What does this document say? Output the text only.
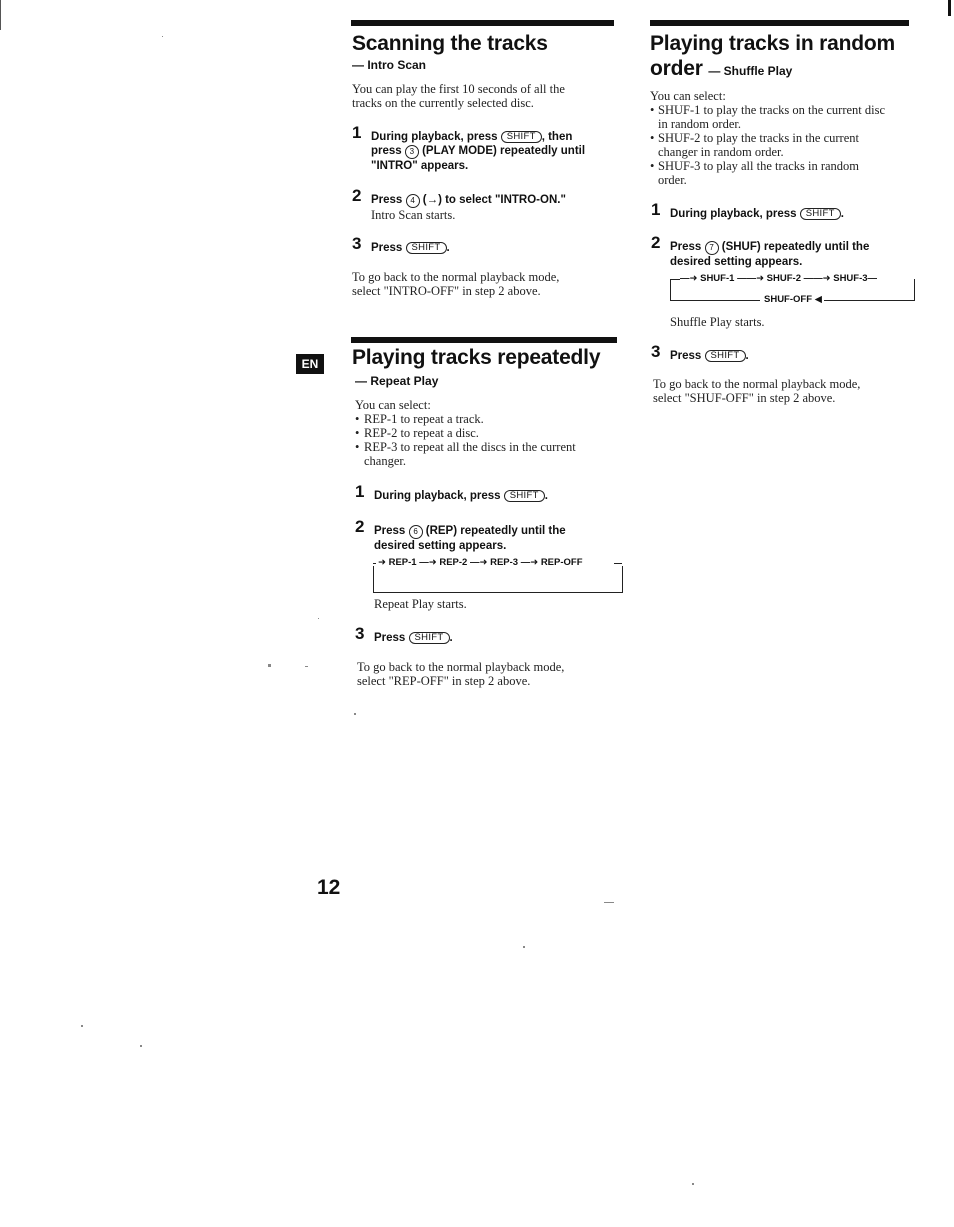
Scanning the tracks
— Intro Scan

You can play the first 10 seconds of all the

tracks on the currently selected disc.

1 During playback, press SHIFT , then
press 3 (PLAY MODE) repeatedly until
"INTRO" appears.
2 Press 4 (→) to select "INTRO-ON."
Intro Scan starts.
3 Press SHIFT .

To go back to the normal playback mode,

select "INTRO-OFF" in step 2 above.

EN Playing tracks repeatedly
— Repeat Play

You can select:

• REP-1 to repeat a track.
• REP-2 to repeat a disc.
• REP-3 to repeat all the discs in the current

changer.

1 During playback, press SHIFT .
2 Press 6 (REP) repeatedly until the
desired setting appears.
➜ REP-1 —➜ REP-2 —➜ REP-3 —➜ REP-OFF
Repeat Play starts.
3 Press SHIFT .

To go back to the normal playback mode,

select "REP-OFF" in step 2 above.

Playing tracks in random
order — Shuffle Play

You can select:

• SHUF-1 to play the tracks on the current disc
in random order.
• SHUF-2 to play the tracks in the current
changer in random order.
• SHUF-3 to play all the tracks in random
order.
1 During playback, press SHIFT .
2 Press 7 (SHUF) repeatedly until the
desired setting appears.
—➜ SHUF-1 ——➜ SHUF-2 ——➜ SHUF-3—
SHUF-OFF ◀
Shuffle Play starts.
3 Press SHIFT .

To go back to the normal playback mode,

select "SHUF-OFF" in step 2 above.

12
